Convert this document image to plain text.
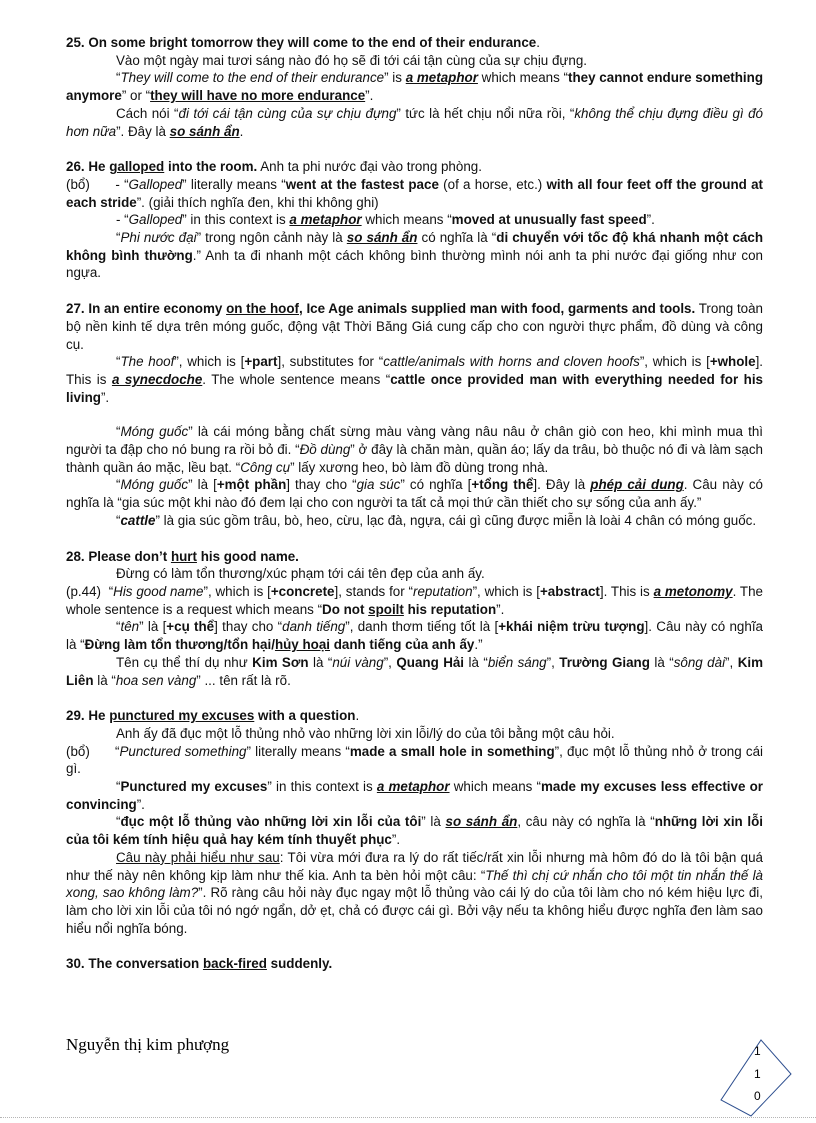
25. On some bright tomorrow they will come to the end of their endurance.

Vào một ngày mai tươi sáng nào đó họ sẽ đi tới cái tận cùng của sự chịu đựng.

“They will come to the end of their endurance” is a metaphor which means “they cannot endure something anymore” or “they will have no more endurance”.

Cách nói “đi tới cái tận cùng của sự chịu đựng” tức là hết chịu nổi nữa rồi, “không thể chịu đựng điều gì đó hơn nữa”. Đây là so sánh ẩn.

26. He galloped into the room. Anh ta phi nước đại vào trong phòng.

(bổ) - “Galloped” literally means “went at the fastest pace (of a horse, etc.) with all four feet off the ground at each stride”. (giải thích nghĩa đen, khi thi không ghi)

- “Galloped” in this context is a metaphor which means “moved at unusually fast speed”.

“Phi nước đại” trong ngôn cảnh này là so sánh ẩn có nghĩa là “di chuyển với tốc độ khá nhanh một cách không bình thường.” Anh ta đi nhanh một cách không bình thường mình nói anh ta phi nước đại giống như con ngựa.

27. In an entire economy on the hoof, Ice Age animals supplied man with food, garments and tools. Trong toàn bộ nền kinh tế dựa trên móng guốc, động vật Thời Băng Giá cung cấp cho con người thực phẩm, đồ dùng và công cụ.

“The hoof”, which is [+part], substitutes for “cattle/animals with horns and cloven hoofs”, which is [+whole]. This is a synecdoche. The whole sentence means “cattle once provided man with everything needed for his living”.

“Móng guốc” là cái móng bằng chất sừng màu vàng vàng nâu nâu ở chân giò con heo, khi mình mua thì người ta đập cho nó bung ra rồi bỏ đi. “Đồ dùng” ở đây là chăn màn, quần áo; lấy da trâu, bò thuộc nó đi và làm sạch thành quần áo mặc, lều bạt. “Công cụ” lấy xương heo, bò làm đồ dùng trong nhà.

“Móng guốc” là [+một phần] thay cho “gia súc” có nghĩa [+tổng thể]. Đây là phép cải dung. Câu này có nghĩa là “gia súc một khi nào đó đem lại cho con người ta tất cả mọi thứ cần thiết cho sự sống của anh ấy.”

“cattle” là gia súc gồm trâu, bò, heo, cừu, lạc đà, ngựa, cái gì cũng được miễn là loài 4 chân có móng guốc.

28. Please don’t hurt his good name.

Đừng có làm tổn thương/xúc phạm tới cái tên đẹp của anh ấy.

(p.44) “His good name”, which is [+concrete], stands for “reputation”, which is [+abstract]. This is a metonomy. The whole sentence is a request which means “Do not spoilt his reputation”.

“tên” là [+cụ thể] thay cho “danh tiếng”, danh thơm tiếng tốt là [+khái niệm trừu tượng]. Câu này có nghĩa là “Đừng làm tổn thương/tổn hại/hủy hoại danh tiếng của anh ấy.”

Tên cụ thể thí dụ như Kim Sơn là “núi vàng”, Quang Hải là “biển sáng”, Trường Giang là “sông dài”, Kim Liên là “hoa sen vàng” ... tên rất là rõ.

29. He punctured my excuses with a question.

Anh ấy đã đục một lỗ thủng nhỏ vào những lời xin lỗi/lý do của tôi bằng một câu hỏi.

(bổ) “Punctured something” literally means “made a small hole in something”, đục một lỗ thủng nhỏ ở trong cái gì.

“Punctured my excuses” in this context is a metaphor which means “made my excuses less effective or convincing”.

“đục một lỗ thủng vào những lời xin lỗi của tôi” là so sánh ẩn, câu này có nghĩa là “những lời xin lỗi của tôi kém tính hiệu quả hay kém tính thuyết phục”.

Câu này phải hiểu như sau: Tôi vừa mới đưa ra lý do rất tiếc/rất xin lỗi nhưng mà hôm đó do là tôi bận quá như thế này nên không kịp làm như thế kia. Anh ta bèn hỏi một câu: “Thế thì chị cứ nhắn cho tôi một tin nhắn thế là xong, sao không làm?”. Rõ ràng câu hỏi này đục ngay một lỗ thủng vào cái lý do của tôi làm cho nó kém hiệu lực đi, làm cho lời xin lỗi của tôi nó ngớ ngẩn, dở ẹt, chả có được cái gì. Bởi vậy nếu ta không hiểu được nghĩa đen làm sao hiểu nổi nghĩa bóng.

30. The conversation back-fired suddenly.

Nguyễn thị kim phượng	1
1
0
